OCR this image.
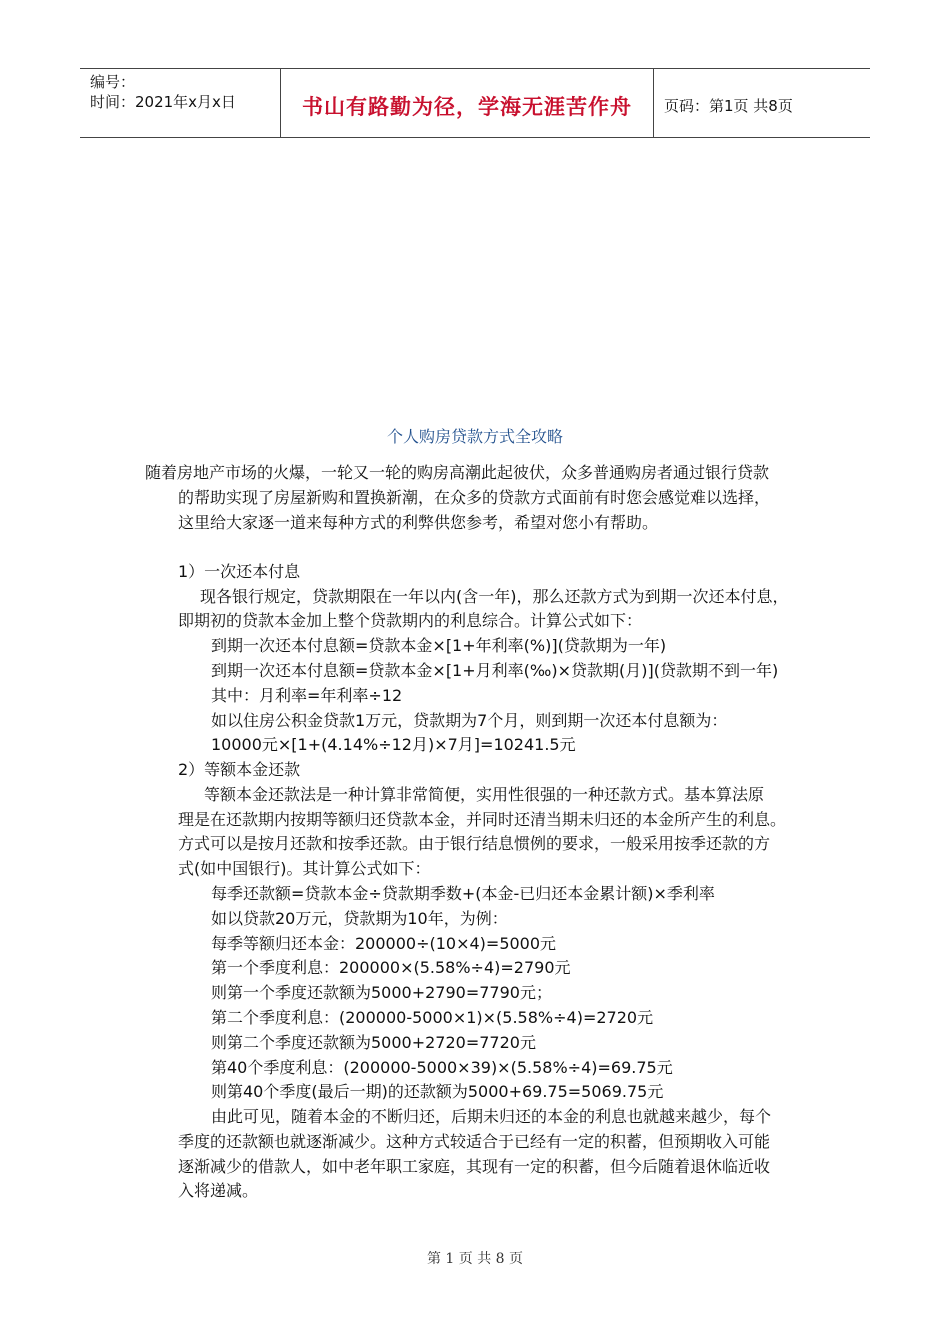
编号：
时间：2021年x月x日	书山有路勤为径，学海无涯苦作舟	页码：第1页 共8页
个人购房贷款方式全攻略
随着房地产市场的火爆，一轮又一轮的购房高潮此起彼伏，众多普通购房者通过银行贷款
的帮助实现了房屋新购和置换新潮，在众多的贷款方式面前有时您会感觉难以选择，
这里给大家逐一道来每种方式的利弊供您参考，希望对您小有帮助。
1）一次还本付息
现各银行规定，贷款期限在一年以内(含一年)，那么还款方式为到期一次还本付息，
即期初的贷款本金加上整个贷款期内的利息综合。计算公式如下：
到期一次还本付息额=贷款本金×[1+年利率(%)](贷款期为一年)
到期一次还本付息额=贷款本金×[1+月利率(‰)×贷款期(月)](贷款期不到一年)
其中：月利率=年利率÷12
如以住房公积金贷款1万元，贷款期为7个月，则到期一次还本付息额为：
10000元×[1+(4.14%÷12月)×7月]=10241.5元
2）等额本金还款
等额本金还款法是一种计算非常简便，实用性很强的一种还款方式。基本算法原
理是在还款期内按期等额归还贷款本金，并同时还清当期未归还的本金所产生的利息。
方式可以是按月还款和按季还款。由于银行结息惯例的要求，一般采用按季还款的方
式(如中国银行)。其计算公式如下：
每季还款额=贷款本金÷贷款期季数+(本金-已归还本金累计额)×季利率
如以贷款20万元，贷款期为10年，为例：
每季等额归还本金：200000÷(10×4)=5000元
第一个季度利息：200000×(5.58%÷4)=2790元
则第一个季度还款额为5000+2790=7790元；
第二个季度利息：(200000-5000×1)×(5.58%÷4)=2720元
则第二个季度还款额为5000+2720=7720元
第40个季度利息：(200000-5000×39)×(5.58%÷4)=69.75元
则第40个季度(最后一期)的还款额为5000+69.75=5069.75元
由此可见，随着本金的不断归还，后期未归还的本金的利息也就越来越少，每个
季度的还款额也就逐渐减少。这种方式较适合于已经有一定的积蓄，但预期收入可能
逐渐减少的借款人，如中老年职工家庭，其现有一定的积蓄，但今后随着退休临近收
入将递减。
第 1 页 共 8 页
